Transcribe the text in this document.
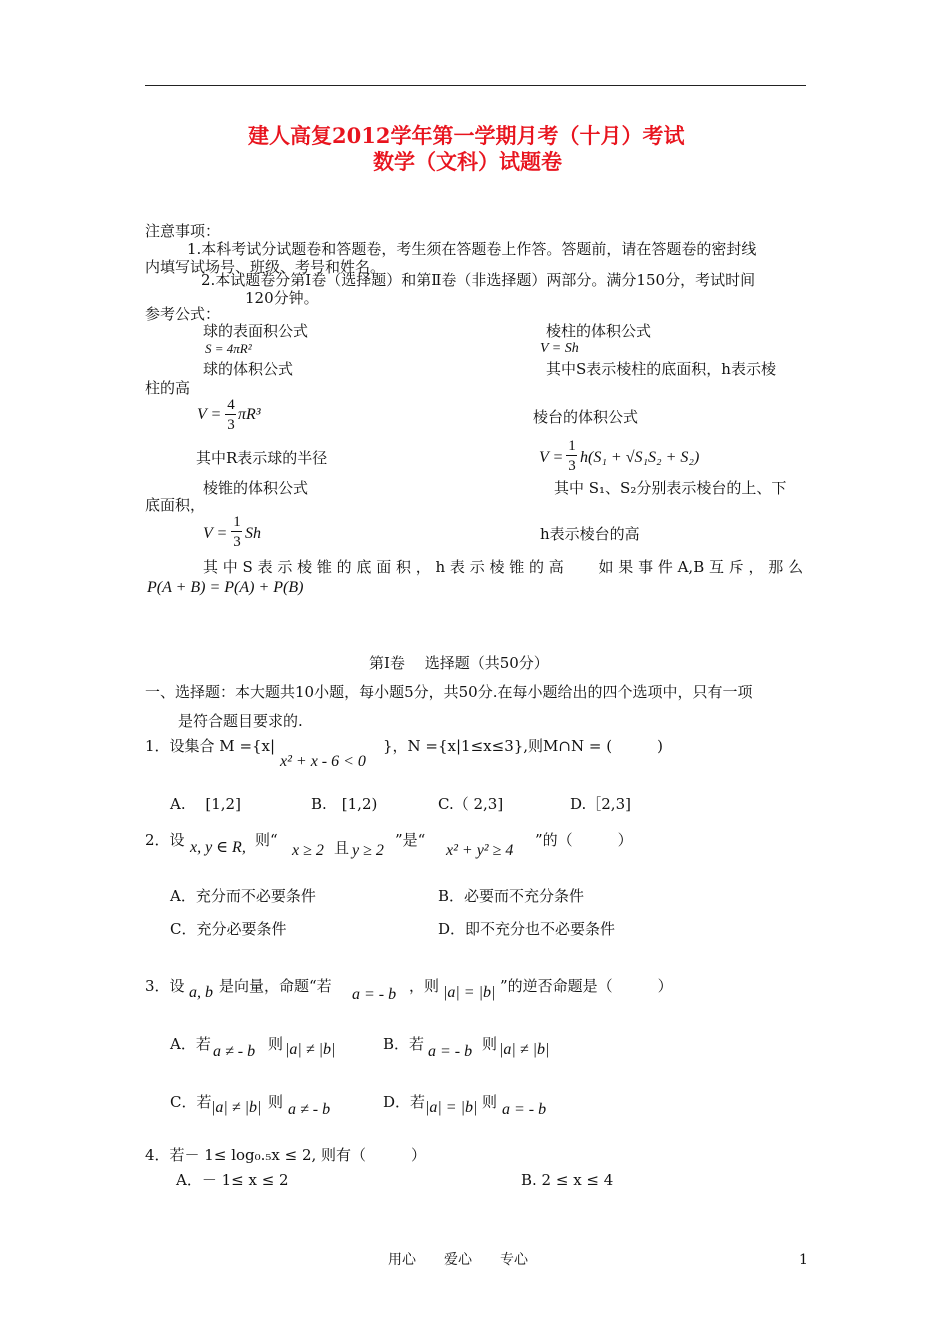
建人高复2012学年第一学期月考（十月）考试
数学（文科）试题卷
注意事项：
1.本科考试分试题卷和答题卷，考生须在答题卷上作答。答题前，请在答题卷的密封线
内填写试场号、班级、考号和姓名。
2.本试题卷分第Ⅰ卷（选择题）和第Ⅱ卷（非选择题）两部分。满分150分，考试时间
120分钟。
参考公式：
球的表面积公式
S = 4πR²
棱柱的体积公式
V = Sh
球的体积公式	其中S表示棱柱的底面积，h表示棱
柱的高
V =
4
3
πR³	棱台的体积公式
其中R表示球的半径	V =
1
3 h(S₁ + √S₁S₂ + S₂)
棱锥的体积公式	其中 S₁、S₂分别表示棱台的上、下
底面积，
V =
1
3 Sh	h表示棱台的高
其 中 S 表 示 棱 锥 的 底 面 积 ， h 表 示 棱 锥 的 高　　 如 果 事 件 A,B 互 斥 ， 那 么
P(A + B) = P(A) + P(B)
第Ⅰ卷　 选择题（共50分）
一、选择题：本大题共10小题，每小题5分，共50分.在每小题给出的四个选项中，只有一项
是符合题目要求的.
1．设集合 M ={x|
x² + x - 6 < 0
}，N ={x|1≤x≤3},则M∩N = (　　　)
A.　 [1,2]	B.　[1,2)	C.（ 2,3]	D.［2,3]
2．设 x, y ∈ R, 则“
x ≥ 2 且 y ≥ 2
”是“
x² + y² ≥ 4
”的（　　　）
A．充分而不必要条件	B．必要而不充分条件
C．充分必要条件	D．即不充分也不必要条件
3．设 a, b 是向量，命题“若 a = - b ，则 |a| = |b| ”的逆否命题是（　　　）
A．若 a ≠ - b 则 |a| ≠ |b|	B．若 a = - b 则 |a| ≠ |b|
C．若 |a| ≠ |b| 则 a ≠ - b	D．若 |a| = |b| 则 a = - b
4．若－ 1≤ log₀.₅x ≤ 2, 则有（　　　）
A．－ 1≤ x ≤ 2	B. 2 ≤ x ≤ 4
用心　　爱心　　专心	1
